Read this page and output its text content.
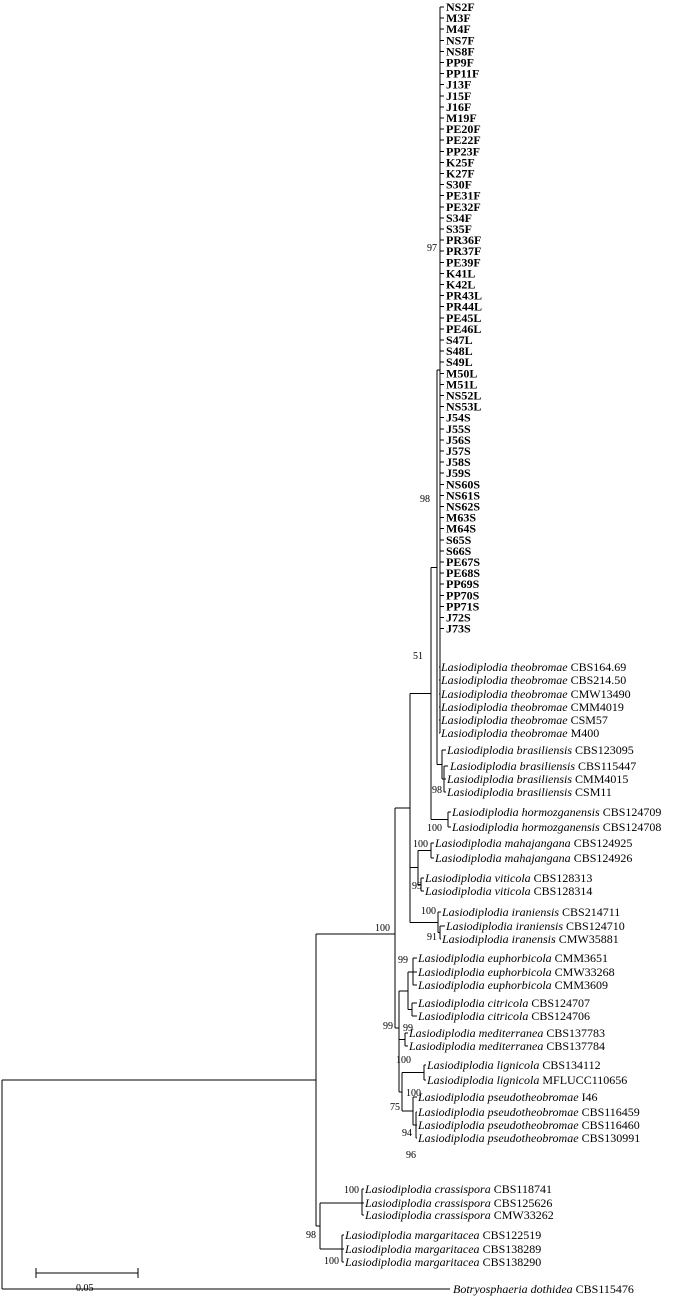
NS2F
M3F
M4F
NS7F
NS8F
PP9F
PP11F
J13F
J15F
J16F
M19F
PE20F
PE22F
PP23F
K25F
K27F
S30F
PE31F
PE32F
S34F
S35F
PR36F
PR37F
PE39F
K41L
K42L
PR43L
PR44L
PE45L
PE46L
S47L
S48L
S49L
M50L
M51L
NS52L
NS53L
J54S
J55S
J56S
J57S
J58S
J59S
NS60S
NS61S
NS62S
M63S
M64S
S65S
S66S
PE67S
PE68S
PP69S
PP70S
PP71S
J72S
J73S
Lasiodiplodia theobromae CBS164.69
Lasiodiplodia theobromae CBS214.50
Lasiodiplodia theobromae CMW13490
Lasiodiplodia theobromae CMM4019
Lasiodiplodia theobromae CSM57
Lasiodiplodia theobromae M400
Lasiodiplodia brasiliensis CBS123095
Lasiodiplodia brasiliensis CBS115447
Lasiodiplodia brasiliensis CMM4015
Lasiodiplodia brasiliensis CSM11
Lasiodiplodia hormozganensis CBS124709
Lasiodiplodia hormozganensis CBS124708
Lasiodiplodia mahajangana CBS124925
Lasiodiplodia mahajangana CBS124926
Lasiodiplodia viticola CBS128313
Lasiodiplodia viticola CBS128314
Lasiodiplodia iraniensis CBS214711
Lasiodiplodia iraniensis CBS124710
Lasiodiplodia iranensis CMW35881
Lasiodiplodia euphorbicola CMM3651
Lasiodiplodia euphorbicola CMW33268
Lasiodiplodia euphorbicola CMM3609
Lasiodiplodia citricola CBS124707
Lasiodiplodia citricola CBS124706
Lasiodiplodia mediterranea CBS137783
Lasiodiplodia mediterranea CBS137784
Lasiodiplodia lignicola CBS134112
Lasiodiplodia lignicola MFLUCC110656
Lasiodiplodia pseudotheobromae I46
Lasiodiplodia pseudotheobromae CBS116459
Lasiodiplodia pseudotheobromae CBS116460
Lasiodiplodia pseudotheobromae CBS130991
Lasiodiplodia crassispora CBS118741
Lasiodiplodia crassispora CBS125626
Lasiodiplodia crassispora CMW33262
Lasiodiplodia margaritacea CBS122519
Lasiodiplodia margaritacea CBS138289
Lasiodiplodia margaritacea CBS138290
Botryosphaeria dothidea CBS115476
97
98
51
98
100
100
99
100
91
100
99
99 99
100
75
100
94
96
100
98
100
0.05
